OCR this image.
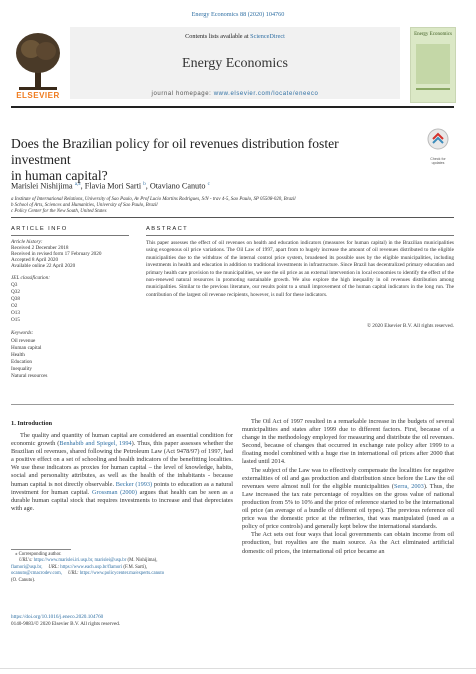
Energy Economics 88 (2020) 104760
ELSEVIER
Contents lists available at ScienceDirect
Energy Economics
journal homepage: www.elsevier.com/locate/eneeco
Energy Economics
Does the Brazilian policy for oil revenues distribution foster investment
in human capital?
Check for updates
Marislei Nishijima $^{a,⁎}$, Flavia Mori Sarti $^b$, Otaviano Canuto $^c$
a Institute of International Relations, University of Sao Paulo, Av Prof Lucio Martins Rodrigues, S/N - trav 4-5, Sao Paulo, SP 05508-020, Brazil
b School of Arts, Sciences and Humanities, University of Sao Paulo, Brazil
c Policy Center for the New South, United States
ARTICLE INFO
Article history:
Received 2 December 2018
Received in revised form 17 February 2020
Accepted 8 April 2020
Available online 22 April 2020
JEL classification:
Q3
Q32
Q38
O2
O13
O15
Keywords:
Oil revenue
Human capital
Health
Education
Inequality
Natural resources
ABSTRACT
This paper assesses the effect of oil revenues on health and education indicators (measures for human capital) in the Brazilian municipalities using exogenous oil price variations. The Oil Law of 1997, apart from to hugely increase the amount of oil revenues distributed to the eligible municipalities due to the withdraw of the internal control price system, broadened its possible uses by the eligible municipalities, including investments in health and education in addition to traditional investments in infrastructure. Since Brazil has decentralized primary education and primary health care provision to the municipalities, we use the oil price as an external intervention in local economies to identify the effect of the non-renewed natural resources in promoting sustainable growth. We also explore the high inequality in oil revenues distribution among municipalities. Similar to the previous literature, our results point to a small improvement of the human capital indicators in the long run. The contribution of the largest oil revenue recipients, however, is null for these indicators.
© 2020 Elsevier B.V. All rights reserved.
1. Introduction

The quality and quantity of human capital are considered an essential condition for economic growth (Benhabib and Spiegel, 1994). Thus, this paper assesses whether the Brazilian oil revenues, shared following the Petroleum Law (Act 9478/97) of 1997, had a positive effect on a set of schooling and health indicators of the benefitting localities. We use these indicators as proxies for human capital – the level of knowledge, habits, social and personality attributes, as well as the health of the inhabitants - because human capital is not directly observable. Becker (1993) points to education as a natural investment for human capital. Grossman (2000) argues that health can be seen as a durable human capital stock that requires investments to increase and that depreciates with age.

The Oil Act of 1997 resulted in a remarkable increase in the budgets of several municipalities and states after 1999 due to different factors. First, because of a change in the methodology employed for measuring and distribute the oil revenues. Second, because of changes that occurred in exchange rate policy after 1999 to a floating model combined with a huge rise in international oil prices after 2000 that lasted until 2014.

The subject of the Law was to effectively compensate the localities for negative externalities of oil and gas production and distribution since before the Law the oil revenues were almost null for the eligible municipalities (Serra, 2003). Thus, the Law increased the tax rate percentage of royalties on the gross value of national production from 5% to 10% and the price of reference started to be the international oil price (an average of a bundle of different oil types). The previous reference oil price was the domestic price at the refineries, that was manipulated (used as a policy of price controls) and generally kept below the international standards.

The Act sets out four ways that local governments can obtain income from oil production, but royalties are the main source. As the Act eliminated artificial domestic oil prices, the international oil price became an

⁎ Corresponding author.
URL's: https://www.marislei.iri.usp.br, marislei@usp.br (M. Nishijima),
flamori@usp.br, URL: https://www.each.usp.br/flamori (F.M. Sarti),
ocanuto@cmacrodev.com, URL: https://www.policycenter.ma/experts.canuto
(O. Canuto).
https://doi.org/10.1016/j.eneco.2020.104760
0140-9883/© 2020 Elsevier B.V. All rights reserved.
